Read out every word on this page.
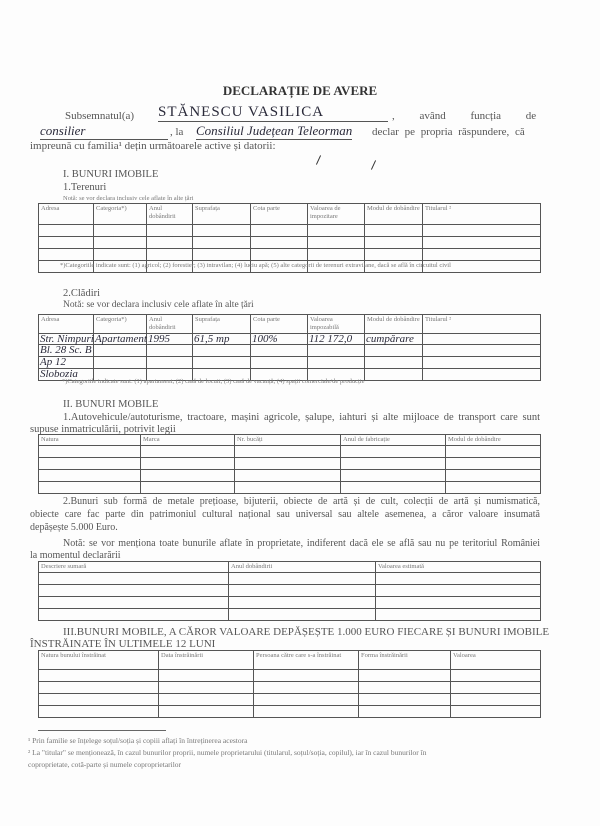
DECLARAȚIE DE AVERE
Subsemnatul(a) STĂNESCU VASILICA	, având funcția de
consilier	, la Consiliul Județean Teleorman declar pe propria răspundere, că
impreună cu familia¹ dețin următoarele active și datorii:
I. BUNURI IMOBILE
1.Terenuri
Notă: se vor declara inclusiv cele aflate în alte țări
Adresa	Categoria*)	Anul dobândirii	Suprafața	Cota parte	Valoarea de impozitare	Modul de dobândire	Titularul ²

*)Categoriile indicate sunt: (1) agricol; (2) forestier; (3) intravilan; (4) luciu apă; (5) alte categorii de terenuri extravilane, dacă se află în circuitul civil
2.Clădiri
Notă: se vor declara inclusiv cele aflate în alte țări
Adresa	Categoria*)	Anul dobândirii	Suprafața	Cota parte	Valoarea impozabilă	Modul de dobândire	Titularul ²
Str. Nimpuri	Apartament	1995	61,5 mp	100%	112 172,0	cumpărare	
Bl. 28 Sc. B							
Ap 12							
Slobozia							
*)Categoriile indicate sunt: (1) apartament; (2) casă de locuit; (3) casă de vacanță; (4) spații comerciale/de producție
II. BUNURI MOBILE
1.Autovehicule/autoturisme, tractoare, mașini agricole, șalupe, iahturi și alte mijloace de transport care sunt
supuse inmatriculării, potrivit legii
Natura	Marca	Nr. bucăți	Anul de fabricație	Modul de dobândire

2.Bunuri sub formă de metale prețioase, bijuterii, obiecte de artă și de cult, colecții de artă și numismatică,
obiecte care fac parte din patrimoniul cultural național sau universal sau altele asemenea, a căror valoare insumată
depășește 5.000 Euro.
Notă: se vor menționa toate bunurile aflate în proprietate, indiferent dacă ele se află sau nu pe teritoriul României
la momentul declarării
Descriere sumară	Anul dobândirii	Valoarea estimată

III.BUNURI MOBILE, A CĂROR VALOARE DEPĂȘEȘTE 1.000 EURO FIECARE ȘI BUNURI IMOBILE
ÎNSTRĂINATE ÎN ULTIMELE 12 LUNI
Natura bunului înstrăinat	Data înstrăinării	Persoana către care s-a înstrăinat	Forma înstrăinării	Valoarea

¹ Prin familie se înțelege soțul/soția și copiii aflați în întreținerea acestora
² La "titular" se menționează, în cazul bunurilor proprii, numele proprietarului (titularul, soțul/soția, copilul), iar în cazul bunurilor în
coproprietate, cotă-parte și numele coproprietarilor
